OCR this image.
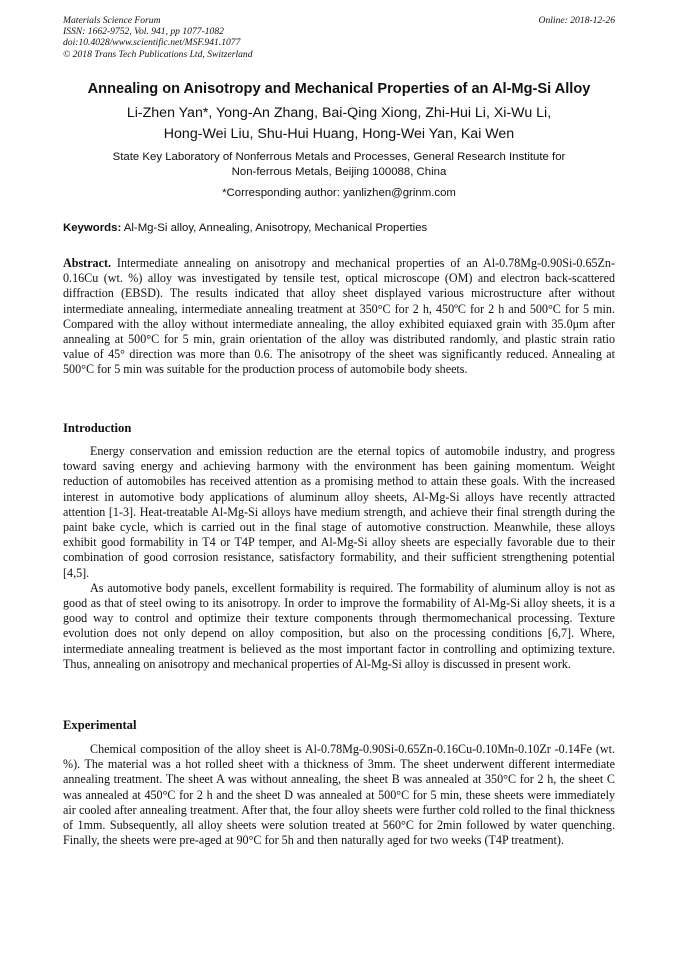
Materials Science Forum
ISSN: 1662-9752, Vol. 941, pp 1077-1082
doi:10.4028/www.scientific.net/MSF.941.1077
© 2018 Trans Tech Publications Ltd, Switzerland
Online: 2018-12-26
Annealing on Anisotropy and Mechanical Properties of an Al-Mg-Si Alloy
Li-Zhen Yan*, Yong-An Zhang, Bai-Qing Xiong, Zhi-Hui Li, Xi-Wu Li,
Hong-Wei Liu, Shu-Hui Huang, Hong-Wei Yan, Kai Wen
State Key Laboratory of Nonferrous Metals and Processes, General Research Institute for
Non-ferrous Metals, Beijing 100088, China
*Corresponding author: yanlizhen@grinm.com
Keywords: Al-Mg-Si alloy, Annealing, Anisotropy, Mechanical Properties

Abstract. Intermediate annealing on anisotropy and mechanical properties of an Al-0.78Mg-0.90Si-0.65Zn-0.16Cu (wt. %) alloy was investigated by tensile test, optical microscope (OM) and electron back-scattered diffraction (EBSD). The results indicated that alloy sheet displayed various microstructure after without intermediate annealing, intermediate annealing treatment at 350°C for 2 h, 450ºC for 2 h and 500°C for 5 min. Compared with the alloy without intermediate annealing, the alloy exhibited equiaxed grain with 35.0μm after annealing at 500°C for 5 min, grain orientation of the alloy was distributed randomly, and plastic strain ratio value of 45° direction was more than 0.6. The anisotropy of the sheet was significantly reduced. Annealing at 500°C for 5 min was suitable for the production process of automobile body sheets.

Introduction

Energy conservation and emission reduction are the eternal topics of automobile industry, and progress toward saving energy and achieving harmony with the environment has been gaining momentum. Weight reduction of automobiles has received attention as a promising method to attain these goals. With the increased interest in automotive body applications of aluminum alloy sheets, Al-Mg-Si alloys have recently attracted attention [1-3]. Heat-treatable Al-Mg-Si alloys have medium strength, and achieve their final strength during the paint bake cycle, which is carried out in the final stage of automotive construction. Meanwhile, these alloys exhibit good formability in T4 or T4P temper, and Al-Mg-Si alloy sheets are especially favorable due to their combination of good corrosion resistance, satisfactory formability, and their sufficient strengthening potential [4,5].

As automotive body panels, excellent formability is required. The formability of aluminum alloy is not as good as that of steel owing to its anisotropy. In order to improve the formability of Al-Mg-Si alloy sheets, it is a good way to control and optimize their texture components through thermomechanical processing. Texture evolution does not only depend on alloy composition, but also on the processing conditions [6,7]. Where, intermediate annealing treatment is believed as the most important factor in controlling and optimizing texture. Thus, annealing on anisotropy and mechanical properties of Al-Mg-Si alloy is discussed in present work.

Experimental

Chemical composition of the alloy sheet is Al-0.78Mg-0.90Si-0.65Zn-0.16Cu-0.10Mn-0.10Zr -0.14Fe (wt. %). The material was a hot rolled sheet with a thickness of 3mm. The sheet underwent different intermediate annealing treatment. The sheet A was without annealing, the sheet B was annealed at 350°C for 2 h, the sheet C was annealed at 450°C for 2 h and the sheet D was annealed at 500°C for 5 min, these sheets were immediately air cooled after annealing treatment. After that, the four alloy sheets were further cold rolled to the final thickness of 1mm. Subsequently, all alloy sheets were solution treated at 560°C for 2min followed by water quenching. Finally, the sheets were pre-aged at 90°C for 5h and then naturally aged for two weeks (T4P treatment).
